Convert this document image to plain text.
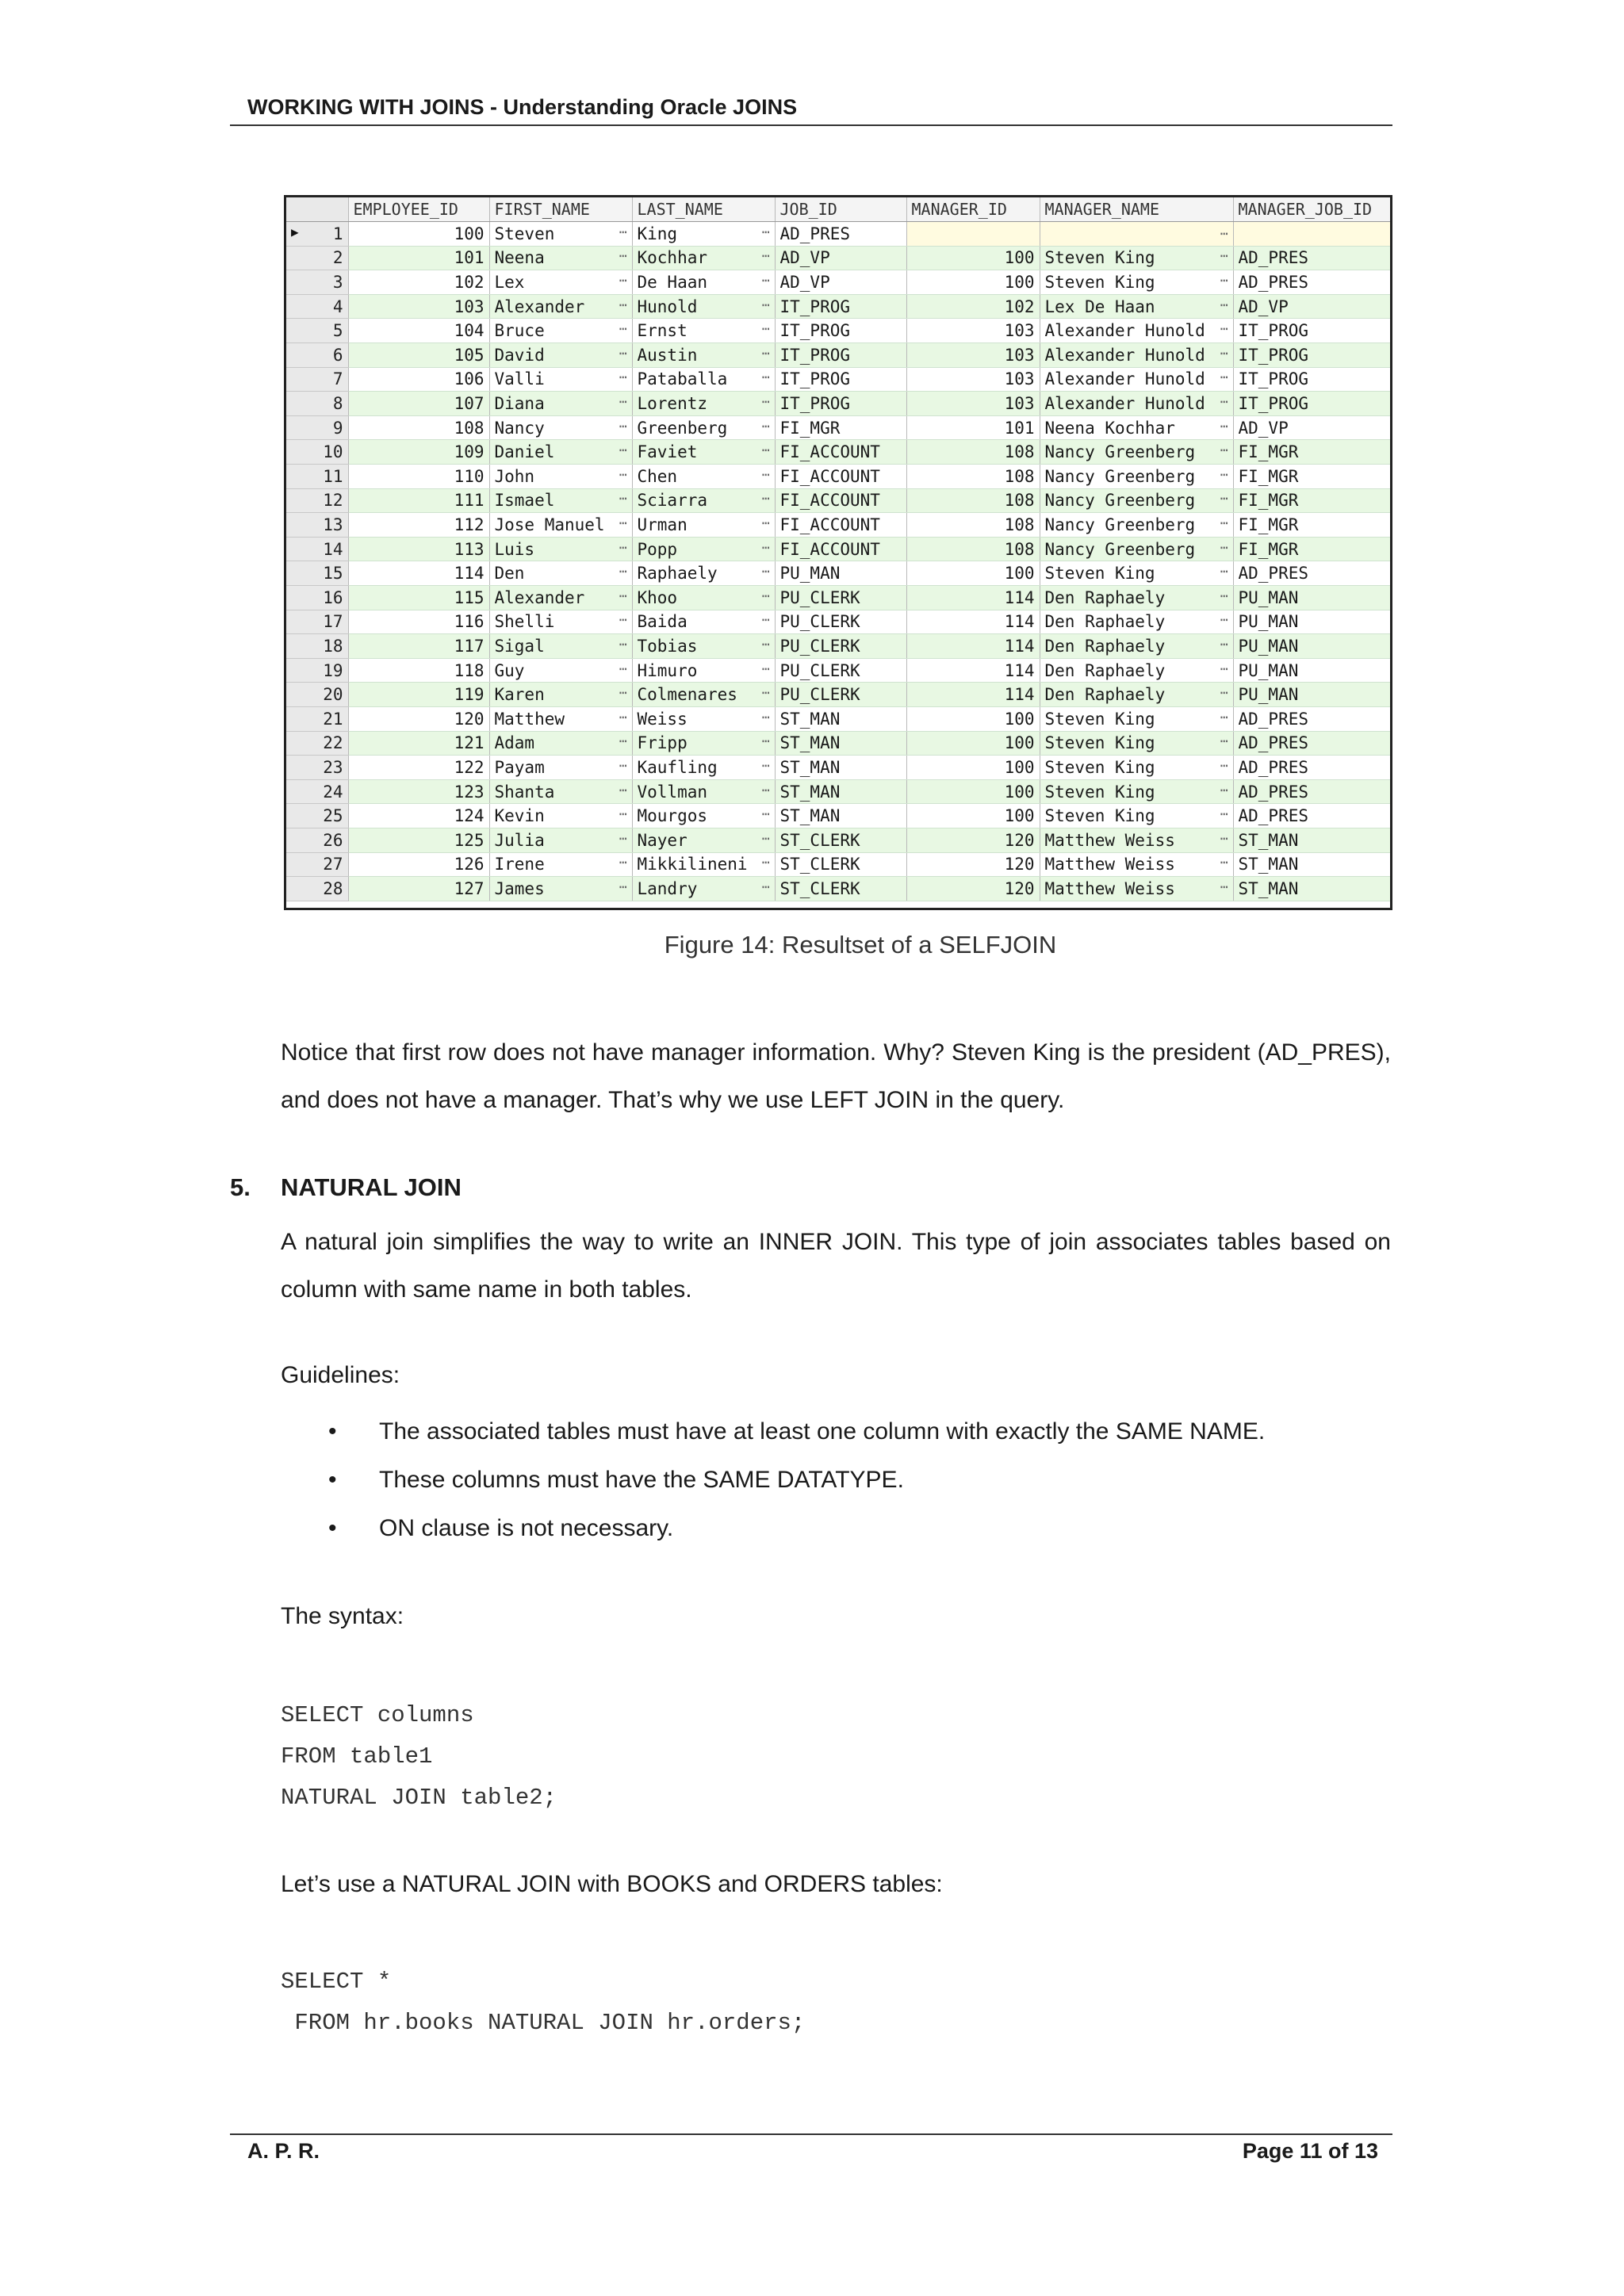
WORKING WITH JOINS - Understanding Oracle JOINS
	EMPLOYEE_ID	FIRST_NAME	LAST_NAME	JOB_ID	MANAGER_ID	MANAGER_NAME	MANAGER_JOB_ID

▶ 1	100	Steven ⋯	King ⋯	AD_PRES		⋯	

2	101	Neena ⋯	Kochhar ⋯	AD_VP	100	Steven King ⋯	AD_PRES
3	102	Lex ⋯	De Haan ⋯	AD_VP	100	Steven King ⋯	AD_PRES
4	103	Alexander ⋯	Hunold ⋯	IT_PROG	102	Lex De Haan ⋯	AD_VP
5	104	Bruce ⋯	Ernst ⋯	IT_PROG	103	Alexander Hunold ⋯	IT_PROG
6	105	David ⋯	Austin ⋯	IT_PROG	103	Alexander Hunold ⋯	IT_PROG
7	106	Valli ⋯	Pataballa ⋯	IT_PROG	103	Alexander Hunold ⋯	IT_PROG
8	107	Diana ⋯	Lorentz ⋯	IT_PROG	103	Alexander Hunold ⋯	IT_PROG
9	108	Nancy ⋯	Greenberg ⋯	FI_MGR	101	Neena Kochhar ⋯	AD_VP
10	109	Daniel ⋯	Faviet ⋯	FI_ACCOUNT	108	Nancy Greenberg ⋯	FI_MGR
11	110	John ⋯	Chen ⋯	FI_ACCOUNT	108	Nancy Greenberg ⋯	FI_MGR
12	111	Ismael ⋯	Sciarra ⋯	FI_ACCOUNT	108	Nancy Greenberg ⋯	FI_MGR
13	112	Jose Manuel ⋯	Urman ⋯	FI_ACCOUNT	108	Nancy Greenberg ⋯	FI_MGR
14	113	Luis ⋯	Popp ⋯	FI_ACCOUNT	108	Nancy Greenberg ⋯	FI_MGR
15	114	Den ⋯	Raphaely ⋯	PU_MAN	100	Steven King ⋯	AD_PRES
16	115	Alexander ⋯	Khoo ⋯	PU_CLERK	114	Den Raphaely ⋯	PU_MAN
17	116	Shelli ⋯	Baida ⋯	PU_CLERK	114	Den Raphaely ⋯	PU_MAN
18	117	Sigal ⋯	Tobias ⋯	PU_CLERK	114	Den Raphaely ⋯	PU_MAN
19	118	Guy ⋯	Himuro ⋯	PU_CLERK	114	Den Raphaely ⋯	PU_MAN
20	119	Karen ⋯	Colmenares ⋯	PU_CLERK	114	Den Raphaely ⋯	PU_MAN
21	120	Matthew ⋯	Weiss ⋯	ST_MAN	100	Steven King ⋯	AD_PRES
22	121	Adam ⋯	Fripp ⋯	ST_MAN	100	Steven King ⋯	AD_PRES
23	122	Payam ⋯	Kaufling ⋯	ST_MAN	100	Steven King ⋯	AD_PRES
24	123	Shanta ⋯	Vollman ⋯	ST_MAN	100	Steven King ⋯	AD_PRES
25	124	Kevin ⋯	Mourgos ⋯	ST_MAN	100	Steven King ⋯	AD_PRES
26	125	Julia ⋯	Nayer ⋯	ST_CLERK	120	Matthew Weiss ⋯	ST_MAN
27	126	Irene ⋯	Mikkilineni ⋯	ST_CLERK	120	Matthew Weiss ⋯	ST_MAN
28	127	James ⋯	Landry ⋯	ST_CLERK	120	Matthew Weiss ⋯	ST_MAN
Figure 14: Resultset of a SELFJOIN
Notice that first row does not have manager information. Why? Steven King is the president (AD_PRES), and does not have a manager. That’s why we use LEFT JOIN in the query.
5. NATURAL JOIN
A natural join simplifies the way to write an INNER JOIN. This type of join associates tables based on column with same name in both tables.
Guidelines:
• The associated tables must have at least one column with exactly the SAME NAME.
• These columns must have the SAME DATATYPE.
• ON clause is not necessary.
The syntax:
SELECT columns
FROM table1
NATURAL JOIN table2;
Let’s use a NATURAL JOIN with BOOKS and ORDERS tables:
SELECT *
FROM hr.books NATURAL JOIN hr.orders;
A. P. R.	Page 11 of 13
